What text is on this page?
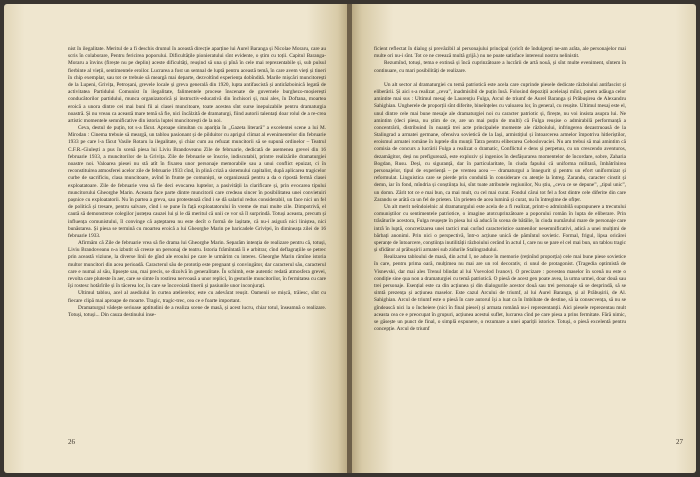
nist în ilegalitate. Meritul de a fi deschis drumul în această direcție aparține lui Aurel Baranga și Nicolae Moraru, care au scris în colaborare, Pentru fericirea poporului. Dificultățile pionieratului sînt evidente, o știm cu toții. Capitul Baranga-Moraru a învins (firește nu pe deplin) aceste dificultăți, reușind să una și pînă în cele mai reprezentabile și, sub pulsul fierbinte al vieții, sentimentele eroilor. Lucrarea a fost un semnal de luptă pentru această temă, în care avem vieți și tineri în chip exemplar, sau tot ce trebuie să meargă mai departe, dezvoltînd experiența dobîndită. Marile mișcări muncitorești de la Lupeni, Grivița, Petroșani, grevele locale și greva generală din 1920, lupta antifascistă și antirăzboinică legată de activitatea Partidului Comunist în ilegalitate, falimentele procese înscenate de guvernele burghezo-moșierești conducătorilor partidului, munca organizatorică și instructiv-educativă din închisori și, mai ales, în Doftana, moartea eroică a unora dintre cei mai buni fii ai clasei muncitoare, toate acestea sînt surse inepuizabile pentru dramaturgia noastră. Și nu vreau ca această mare temă să fie, nici încălzită de dramaturgi, fiind autorii talentați doar rolul de a re-crea artistic momentele semnificative din istoria luptei muncitorești de la noi.

Cevа, destul de puțin, tot s-a făcut. Aproape simultan cu apariția în „Gazeta literară” a excelentei scene a lui M. Mirodan : Cinema trebuie să meargă, un tablou pasionant și de pilduitor cu aprigul climat al evenimentelor din februarie 1933 pe care l-a făcut Vasile Rotaru la ilegalitate, și chiar cum au refuzat muncitorii să se supună ordinelor – Teatrul C.F.R.-Giulești a pus în scenă piesa lui Liviu Brandoveanu Zile de februarie, dedicată de asemenea grevei din 16 februarie 1933, a muncitorilor de la Grivița. Zile de februarie se înscrie, indiscutabil, printre realizările dramaturgiei noastre noi. Valoarea piesei nu stă atît în fixarea unor personaje memorabile sau a unui conflict epuizat, ci în reconstituirea atmosferei acelor zile de februarie 1933 cînd, în plină criză a sistemului capitalist, după aplicarea tragicelor curbe de sacrificiu, clasa muncitoare, avînd în frunte pe comuniști, se organizează pentru a da o ripostă fermă clasei exploatatoare. Zile de februarie vrea să fie deci evocarea luptelor, a pasivității la clarificare și, prin evocarea tipului muncitorului Gheorghe Marin. Aceasta face parte dintre muncitorii care credeau sincer în posibilitatea unei convietuiri pașnice cu exploatatorii. Nu în partea a greva, sau protestează cînd i se dă salariul redus considerabil, un face nici un fel de politică și tresare, pentru salvare, cînd i se pune în față exploatatorului în vreme de mai multe zile. Dimpotrivă, el caută să demonstreze colegilor justețea cauzei lui și le dă meritul că unii ce vor să îl surprindă. Totuși aceasta, precum și influența comunistului, îl convinge că așteptarea nu este decît o formă de lașitate, că nu-i asigură nici liniștea, nici bunăstarea. Și piesa se termină cu moartea eroică a lui Gheorghe Marin pe baricadele Griviței, în dimineața zilei de 16 februarie 1933.

Afirmăm că Zile de februarie vrea să fie drama lui Gheorghe Marin. Separăm intenția de realizare pentru că, totuși, Liviu Brandoveanu n-a izbutit să creeze un personaj de teatru. Istoria frămîntată îi e arbitrar, cînd deflagrațiile se petrec prin această viziune, la diverse linii de gînd ale eroului pe care le urmărim cu interes. Gheorghe Marin rămîne istoria multor muncitori din acea perioadă. Caracterul său de prototip este pregnant și convingător, dar caracterul său, caracterul care e numai al său, lipsește sau, mai precis, se dizolvă în generalitate. În schimb, este autentic redată atmosfera grevei, revolta care pluteste în aer, care se simte în rostirea nervoasă a unor replici, în gesturile muncitorilor, în fermitatea cu care își rostesc hotărîrile și în tăcerea lor, în care se încovoiată tinerii și pasiunile unor inconjurați.

Ultimul tablou, acel al asediului în curtea atelierelor, este cu adevărat reușit. Oamenii se mișcă, trăiesc, sînt cu fiecare clipă mai aproape de moarte. Tragic, tragic-trec, cea ce e foarte important.

Dramaturgul vădește serioase aptitudini de a realiza scene de masă, și acest lucru, chiar totul, înseamnă o realizare. Totuși, totuși... Din cauza destinului inse-

26

ficient reflectat în dialog și prevăzibil al personajului principal (oricît de îndulgenți ne-am arăta, ale personajelor mai multe ori nu-i sînt. Tot ce ne creează multă grijă.) nu ne poate satisface interesul nostru nelinistit.

Rezumînd, totuși, tema e extinsă și încă cuprinzătoare a lucrării de artă nouă, și sînt multe eveniment, sîntem în continuare, cu mari posibilități de realizare.

Un alt sector al dramaturgiei cu temă patriotică este acela care cuprinde piesele dedicate războiului antifascist și eliberării. Și aici s-a realizat „ceva”, inadmisibil de puțin însă. Folosind depoziții aceleiași mîini, putem adăuga celor amintite mai sus : Ultimul mesaj de Laurențiu Fulga, Arcul de triumf de Aurel Baranga și Prăbușirea de Alexandru Sahighian. Ungherele de proporții sînt diferite, bineînțeles cu valoarea lor, în general, cu reușite. Ultimul mesaj este el, unul dintre cele mai bune mesaje ale dramaturgiei noi cu caracter patriotic și, firește, nu voi insista asupra lui. Ne amintim (deci piesa, nu știm de ce, are un mai puțin de multi) că Fulga reușise o admirabilă performanță a concentrării, distribuind în nuanță trei acte principalele momente ale războiului, infringerea dezastruoasă de la Stalingrad a armatei germane, ofensiva sovietică de la Iași, armistițiul și întoarcerea armelor împotriva hitleriștilor, eroismul armatei române în luptele din munții Tatra pentru eliberarea Cehoslovaciei. Nu am trebui să mai amintim că comisia de concurs a lucrării Fulga a realizat o dramatic, Conflictul e dens și perpetuu, cu un crescendo aventuros, dezamăgitor, deși nu prefigurează, este exploziv și ingenios în desfășurarea momentelor de încordare, sobre, Zaharia Bogdan, Rusu. Deși, cu siguranță, dar în particularitate, în ciuda fapului că uniforma militară, îmbătrînirea personajelor, tipul de experiență – pe vremea acea — dramaturgul a înnegurit și pentru un efort uniformizat și reformulat. Linguistica care se pierde prin conduită în considerare cu atenție la întreg. Zarandu, caracter cinstit și demn, iar în fond, mîndria și conștiința lui, sînt toate atributele regiunilor, Nu știu, „ceva ce se depune”, „tipul unic”, un domn. Zărit tot ce e mai bun, ca mai mult, cu cel mai curat. Fondul cărui tot fel a fost dintre cele diferite din care Zarandu se arătă ca un fel de prieten. Un prieten de acea lumină și curat, nu în întregime de ofițer.

Un alt merit neîndoielnic al dramaturgului este acela de a fi realizat, printr-o admirabilă suprapunere a trecutului comuniștilor cu sentimentele patriotice, o imagine atotcuprinzătoare a poporului român în lupta de eliberare. Prin trăsăturile acestora, Fulga reușește în piesa lui să aducă în scena de bătălie, în ciuda numărului mare de personaje care intră în luptă, concretizarea unei tactici mai curînd caracteristice oamenilor nesemnificativi, adică a unei mulțimi de bărbați anonimi. Prin nici o perspectivă, într-o acțiune unică de pămîntul sovietic. Formal, frigul, lipsa oricărei speranțe de întoarcere, conștiința inutilității războiului cerând în actul I, care nu se pare el cel mai bun, un tablou tragic și sfidător al prăbușirii armatei sub zidurile Stalingradului.

Realizarea tabloului de masă, din actul I, ne aduce în memorie (reținînd proporția) cele mai bune piese sovietice în care, pentru prima oară, mulțimea nu mai are un rol decorativ, ci unul de protagonist. (Tragedia optimistă de Visnevski, dar mai ales Trenul blindat al lui Vsevolod Ivanov). O precizare : povestea maselor în scenă nu este o condiție sine qua non a dramaturgiei cu temă patriotică. O piesă de acest gen poate avea, la urma urmei, doar două sau trei personaje. Esențial este ca din acțiunea și din dialogurile acestor două sau trei personaje să se desprindă, să se simtă prezența și acțiunea maselor. Este cazul Arcului de triumf, al lui Aurel Baranga, și al Prăbușirii, de Al. Sahighian. Arcul de triumf este o piesă în care autorul își a luat ca în îmbibate de destine, să ia consecvența, să nu se gîndească nici la o încheiere (nici în final piesei) și armata română nu-i reprezentanții. Aici piesele reprezentau mult aceasta cea ce e preocupat în grupuri, acțiunea acestui suflet, lucrarea cînd pe care piesa a prins fermitate. Fără nimic, se găsește un punct de final, o simplă expunere, o rezumare a unei apariții istorice. Totuși, o piesă excelentă pentru concepție. Arcul de triumf

27
